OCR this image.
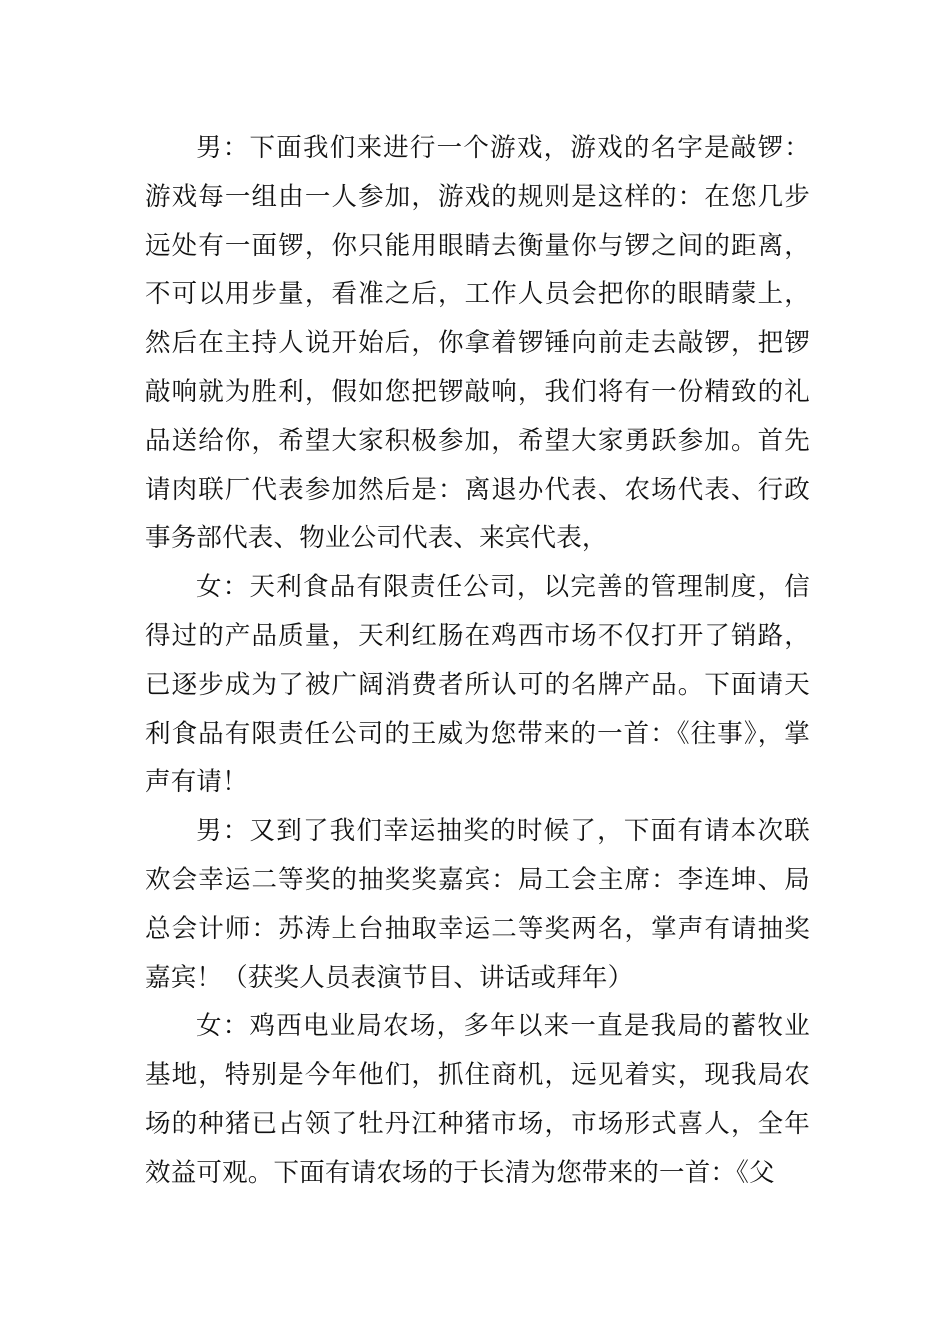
男：下面我们来进行一个游戏，游戏的名字是敲锣：游戏每一组由一人参加，游戏的规则是这样的：在您几步远处有一面锣，你只能用眼睛去衡量你与锣之间的距离，不可以用步量，看准之后，工作人员会把你的眼睛蒙上，然后在主持人说开始后，你拿着锣锤向前走去敲锣，把锣敲响就为胜利，假如您把锣敲响，我们将有一份精致的礼品送给你，希望大家积极参加，希望大家勇跃参加。首先请肉联厂代表参加然后是：离退办代表、农场代表、行政事务部代表、物业公司代表、来宾代表，

女：天利食品有限责任公司，以完善的管理制度，信得过的产品质量，天利红肠在鸡西市场不仅打开了销路，已逐步成为了被广阔消费者所认可的名牌产品。下面请天利食品有限责任公司的王威为您带来的一首：《往事》，掌声有请！

男：又到了我们幸运抽奖的时候了，下面有请本次联欢会幸运二等奖的抽奖奖嘉宾：局工会主席：李连坤、局总会计师：苏涛上台抽取幸运二等奖两名，掌声有请抽奖嘉宾！（获奖人员表演节目、讲话或拜年）

女：鸡西电业局农场，多年以来一直是我局的蓄牧业基地，特别是今年他们，抓住商机，远见着实，现我局农场的种猪已占领了牡丹江种猪市场，市场形式喜人，全年效益可观。下面有请农场的于长清为您带来的一首：《父
